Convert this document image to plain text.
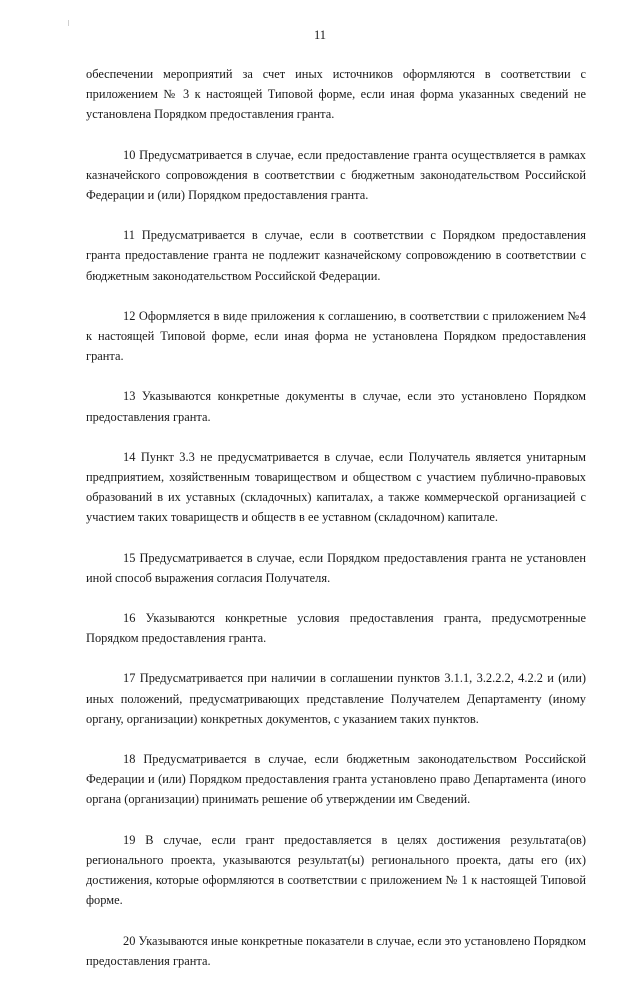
11

обеспечении мероприятий за счет иных источников оформляются в соответствии с приложением № 3 к настоящей Типовой форме, если иная форма указанных сведений не установлена Порядком предоставления гранта.

10 Предусматривается в случае, если предоставление гранта осуществляется в рамках казначейского сопровождения в соответствии с бюджетным законодательством Российской Федерации и (или) Порядком предоставления гранта.

11 Предусматривается в случае, если в соответствии с Порядком предоставления гранта предоставление гранта не подлежит казначейскому сопровождению в соответствии с бюджетным законодательством Российской Федерации.

12 Оформляется в виде приложения к соглашению, в соответствии с приложением №4 к настоящей Типовой форме, если иная форма не установлена Порядком предоставления гранта.

13 Указываются конкретные документы в случае, если это установлено Порядком предоставления гранта.

14 Пункт 3.3 не предусматривается в случае, если Получатель является унитарным предприятием, хозяйственным товариществом и обществом с участием публично-правовых образований в их уставных (складочных) капиталах, а также коммерческой организацией с участием таких товариществ и обществ в ее уставном (складочном) капитале.

15 Предусматривается в случае, если Порядком предоставления гранта не установлен иной способ выражения согласия Получателя.

16 Указываются конкретные условия предоставления гранта, предусмотренные Порядком предоставления гранта.

17 Предусматривается при наличии в соглашении пунктов 3.1.1, 3.2.2.2, 4.2.2 и (или) иных положений, предусматривающих представление Получателем Департаменту (иному органу, организации) конкретных документов, с указанием таких пунктов.

18 Предусматривается в случае, если бюджетным законодательством Российской Федерации и (или) Порядком предоставления гранта установлено право Департамента (иного органа (организации) принимать решение об утверждении им Сведений.

19 В случае, если грант предоставляется в целях достижения результата(ов) регионального проекта, указываются результат(ы) регионального проекта, даты его (их) достижения, которые оформляются в соответствии с приложением № 1 к настоящей Типовой форме.

20 Указываются иные конкретные показатели в случае, если это установлено Порядком предоставления гранта.
